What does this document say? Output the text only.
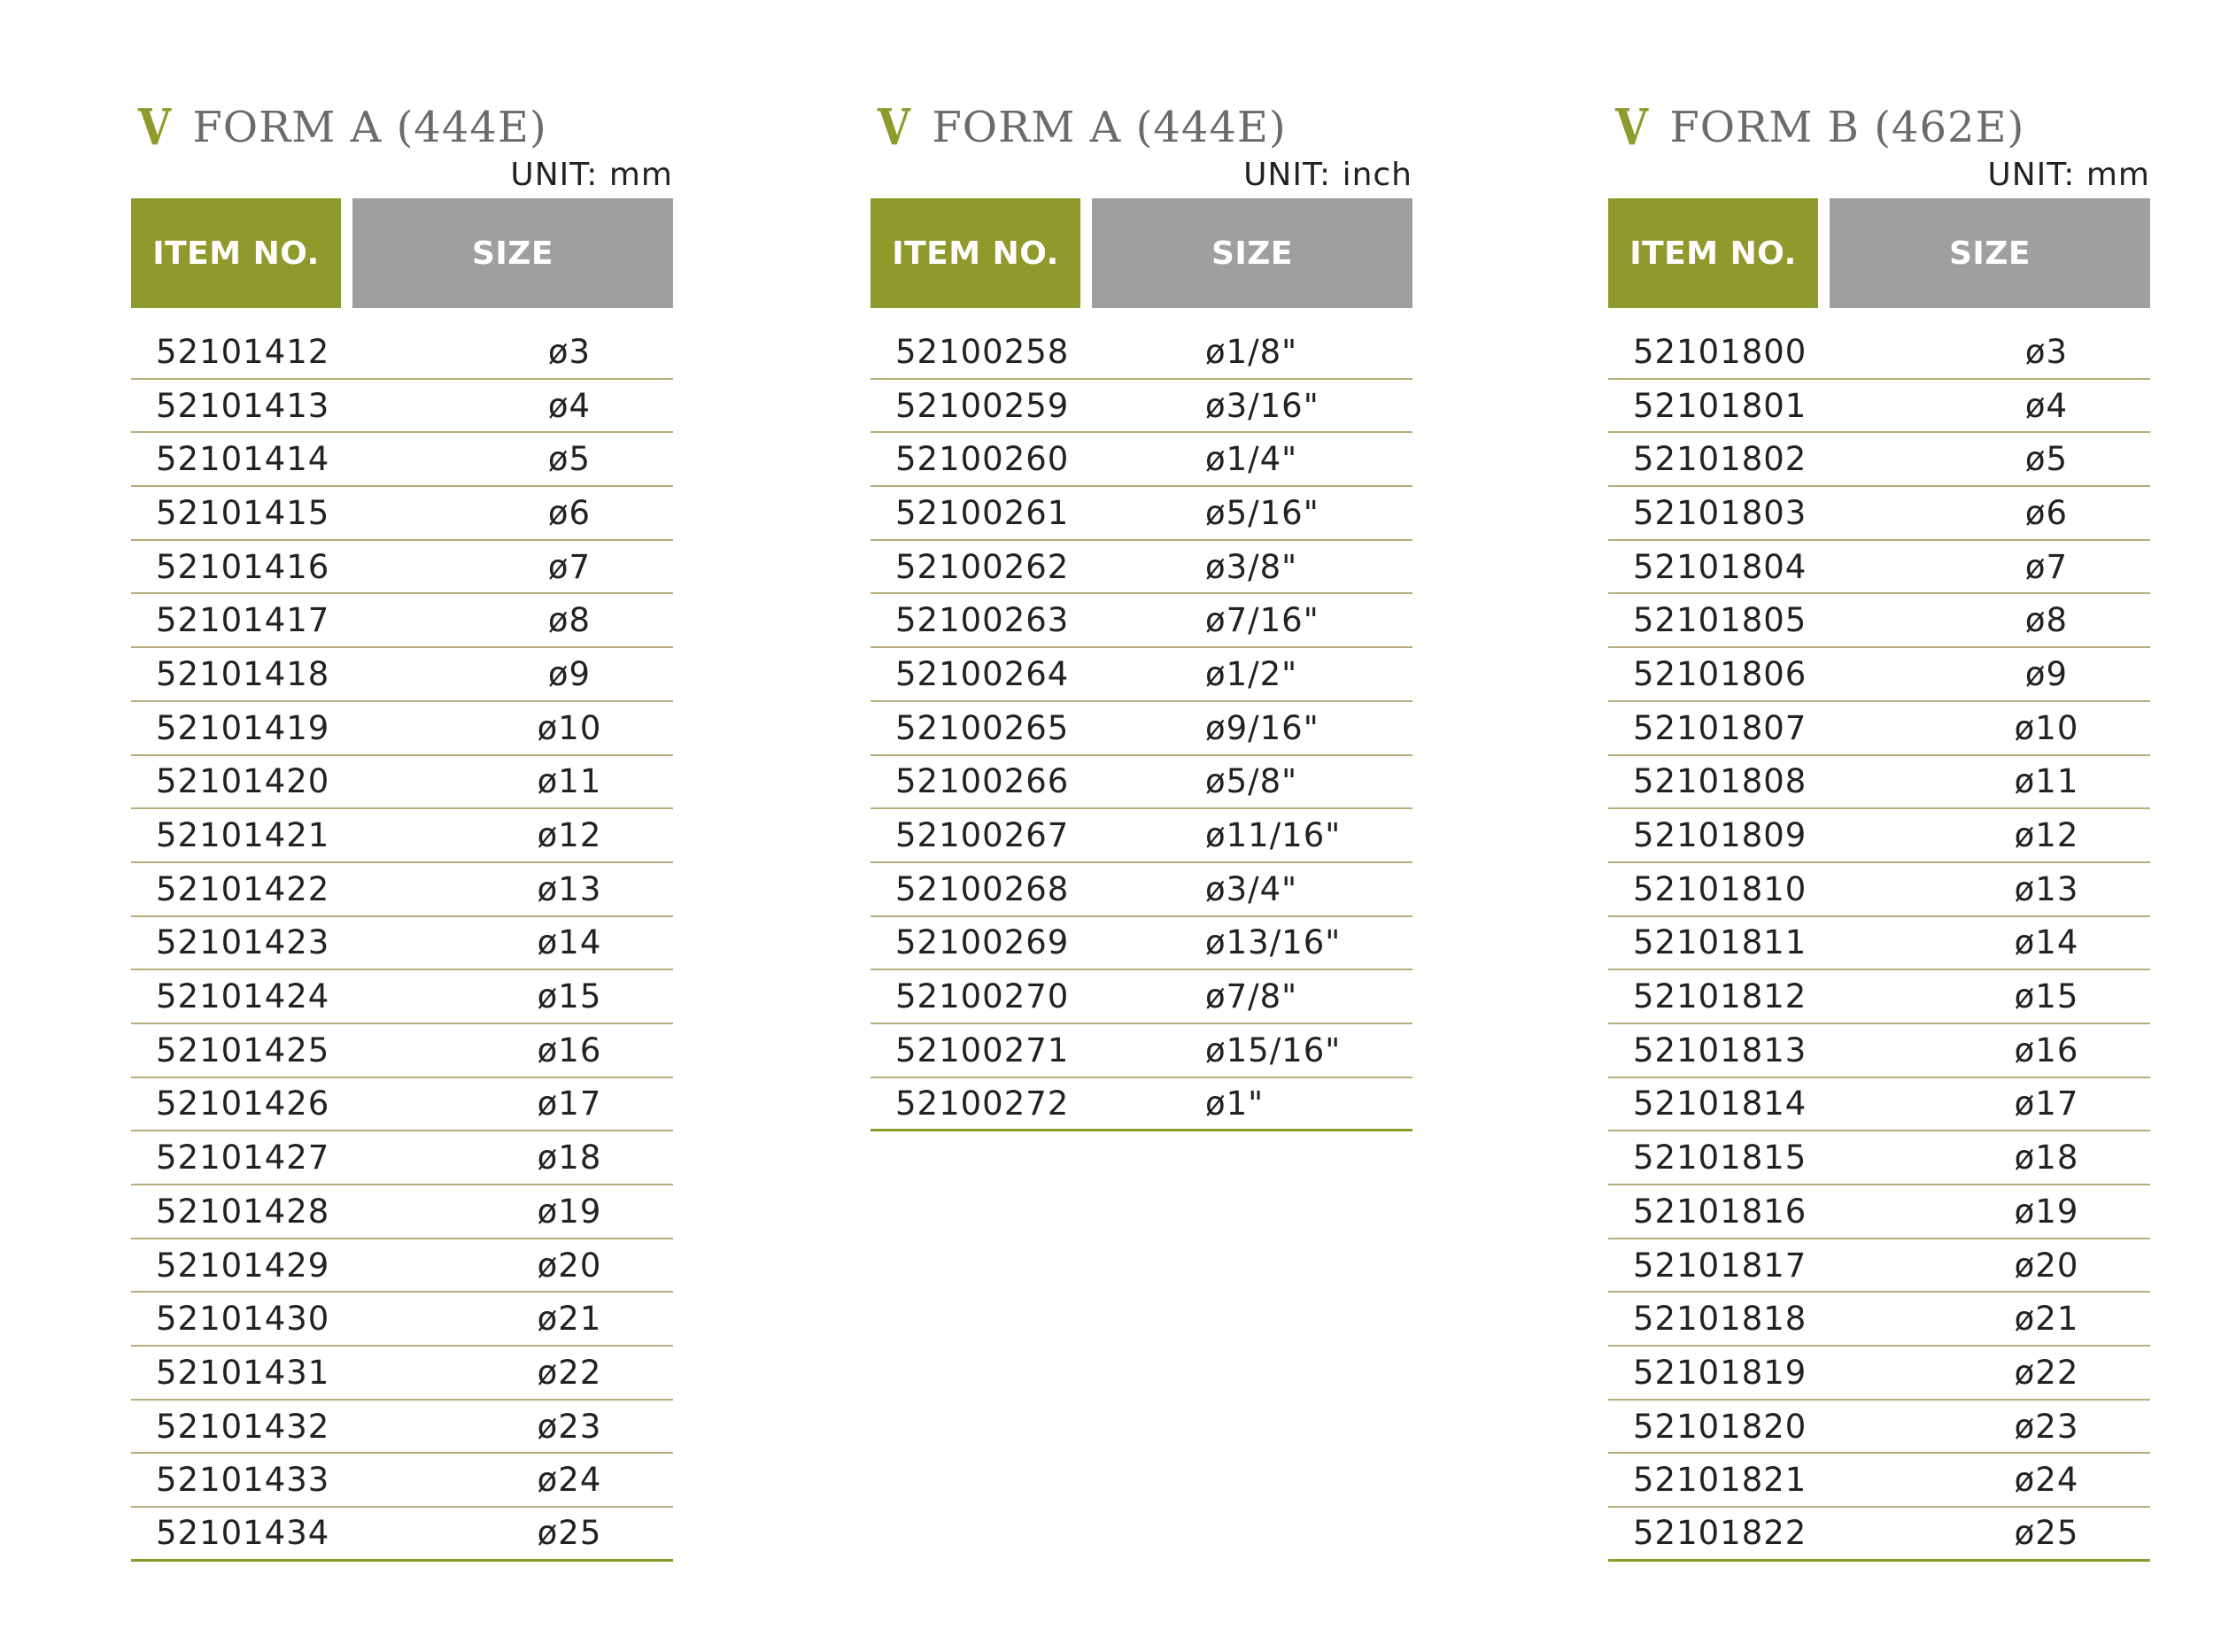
V FORM A (444E)
UNIT: mm
ITEM NO.	SIZE
52101412	ø3
52101413	ø4
52101414	ø5
52101415	ø6
52101416	ø7
52101417	ø8
52101418	ø9
52101419	ø10
52101420	ø11
52101421	ø12
52101422	ø13
52101423	ø14
52101424	ø15
52101425	ø16
52101426	ø17
52101427	ø18
52101428	ø19
52101429	ø20
52101430	ø21
52101431	ø22
52101432	ø23
52101433	ø24
52101434	ø25
V FORM A (444E)
UNIT: inch
ITEM NO.	SIZE
52100258	ø1/8"
52100259	ø3/16"
52100260	ø1/4"
52100261	ø5/16"
52100262	ø3/8"
52100263	ø7/16"
52100264	ø1/2"
52100265	ø9/16"
52100266	ø5/8"
52100267	ø11/16"
52100268	ø3/4"
52100269	ø13/16"
52100270	ø7/8"
52100271	ø15/16"
52100272	ø1"
V FORM B (462E)
UNIT: mm
ITEM NO.	SIZE
52101800	ø3
52101801	ø4
52101802	ø5
52101803	ø6
52101804	ø7
52101805	ø8
52101806	ø9
52101807	ø10
52101808	ø11
52101809	ø12
52101810	ø13
52101811	ø14
52101812	ø15
52101813	ø16
52101814	ø17
52101815	ø18
52101816	ø19
52101817	ø20
52101818	ø21
52101819	ø22
52101820	ø23
52101821	ø24
52101822	ø25
